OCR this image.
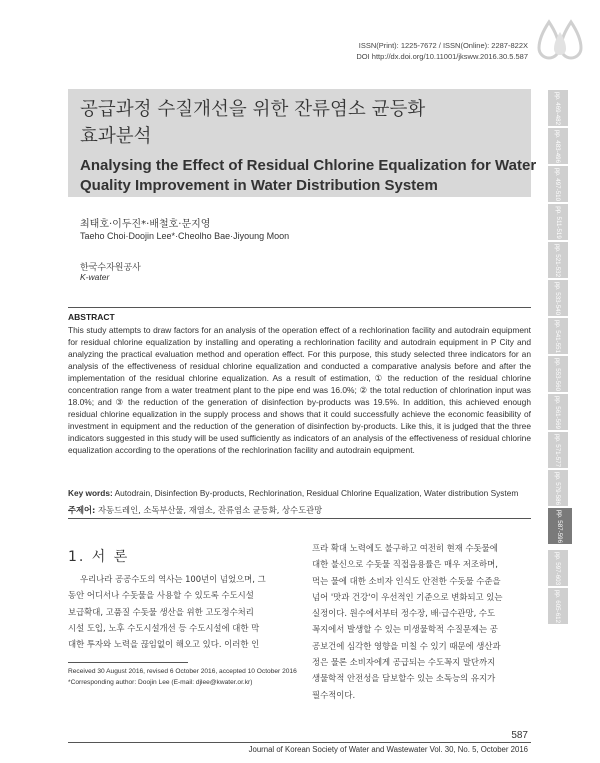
ISSN(Print): 1225-7672 / ISSN(Online): 2287-822X
DOI http://dx.doi.org/10.11001/jksww.2016.30.5.587
공급과정 수질개선을 위한 잔류염소 균등화
효과분석
Analysing the Effect of Residual Chlorine Equalization for Water
Quality Improvement in Water Distribution System
최태호·이두진*·배철호·문지영
Taeho Choi·Doojin Lee*·Cheolho Bae·Jiyoung Moon
한국수자원공사
K-water
ABSTRACT
This study attempts to draw factors for an analysis of the operation effect of a rechlorination facility and autodrain equipment for residual chlorine equalization by installing and operating a rechlorination facility and autodrain equipment in P City and analyzing the practical evaluation method and operation effect. For this purpose, this study selected three indicators for an analysis of the effectiveness of residual chlorine equalization and conducted a comparative analysis before and after the implementation of the residual chlorine equalization. As a result of estimation, ① the reduction of the residual chlorine concentration range from a water treatment plant to the pipe end was 16.0%; ② the total reduction of chlorination input was 18.0%; and ③ the reduction of the generation of disinfection by-products was 19.5%. In addition, this achieved enough residual chlorine equalization in the supply process and shows that it could successfully achieve the economic feasibility of investment in equipment and the reduction of the generation of disinfection by-products. Like this, it is judged that the three indicators suggested in this study will be used sufficiently as indicators of an analysis of the effectiveness of residual chlorine equalization according to the operations of the rechlorination facility and autodrain equipment.
Key words: Autodrain, Disinfection By-products, Rechlorination, Residual Chlorine Equalization, Water distribution System
주제어: 자동드레인, 소독부산물, 재염소, 잔류염소 균등화, 상수도관망
1. 서 론
우리나라 공공수도의 역사는 100년이 넘었으며, 그
동안 어디서나 수돗물을 사용할 수 있도록 수도시설
보급확대, 고품질 수돗물 생산을 위한 고도정수처리
시설 도입, 노후 수도시설개선 등 수도시설에 대한 막
대한 투자와 노력을 끊임없이 해오고 있다. 이러한 인
프라 확대 노력에도 불구하고 여전히 현재 수돗물에
대한 불신으로 수돗물 직접음용률은 매우 저조하며,
먹는 물에 대한 소비자 인식도 안전한 수돗물 수준을
넘어 '맛과 건강'이 우선적인 기준으로 변화되고 있는
실정이다. 원수에서부터 정수장, 배·급수관망, 수도
꼭지에서 발생할 수 있는 미생물학적 수질문제는 공
공보건에 심각한 영향을 미칠 수 있기 때문에 생산과
정은 물론 소비자에게 공급되는 수도꼭지 말단까지
생물학적 안전성을 담보할수 있는 소독능의 유지가
필수적이다.
Received 30 August 2016, revised 6 October 2016, accepted 10 October 2016
*Corresponding author: Doojin Lee (E-mail: djlee@kwater.or.kr)
587
Journal of Korean Society of Water and Wastewater Vol. 30, No. 5, October 2016
pp. 469-482
pp. 483-496
pp. 497-510
pp. 511-519
pp. 521-532
pp. 533-540
pp. 541-551
pp. 553-560
pp. 561-569
pp. 571-577
pp. 579-586
pp. 587-596
pp. 597-603
pp. 605-612
